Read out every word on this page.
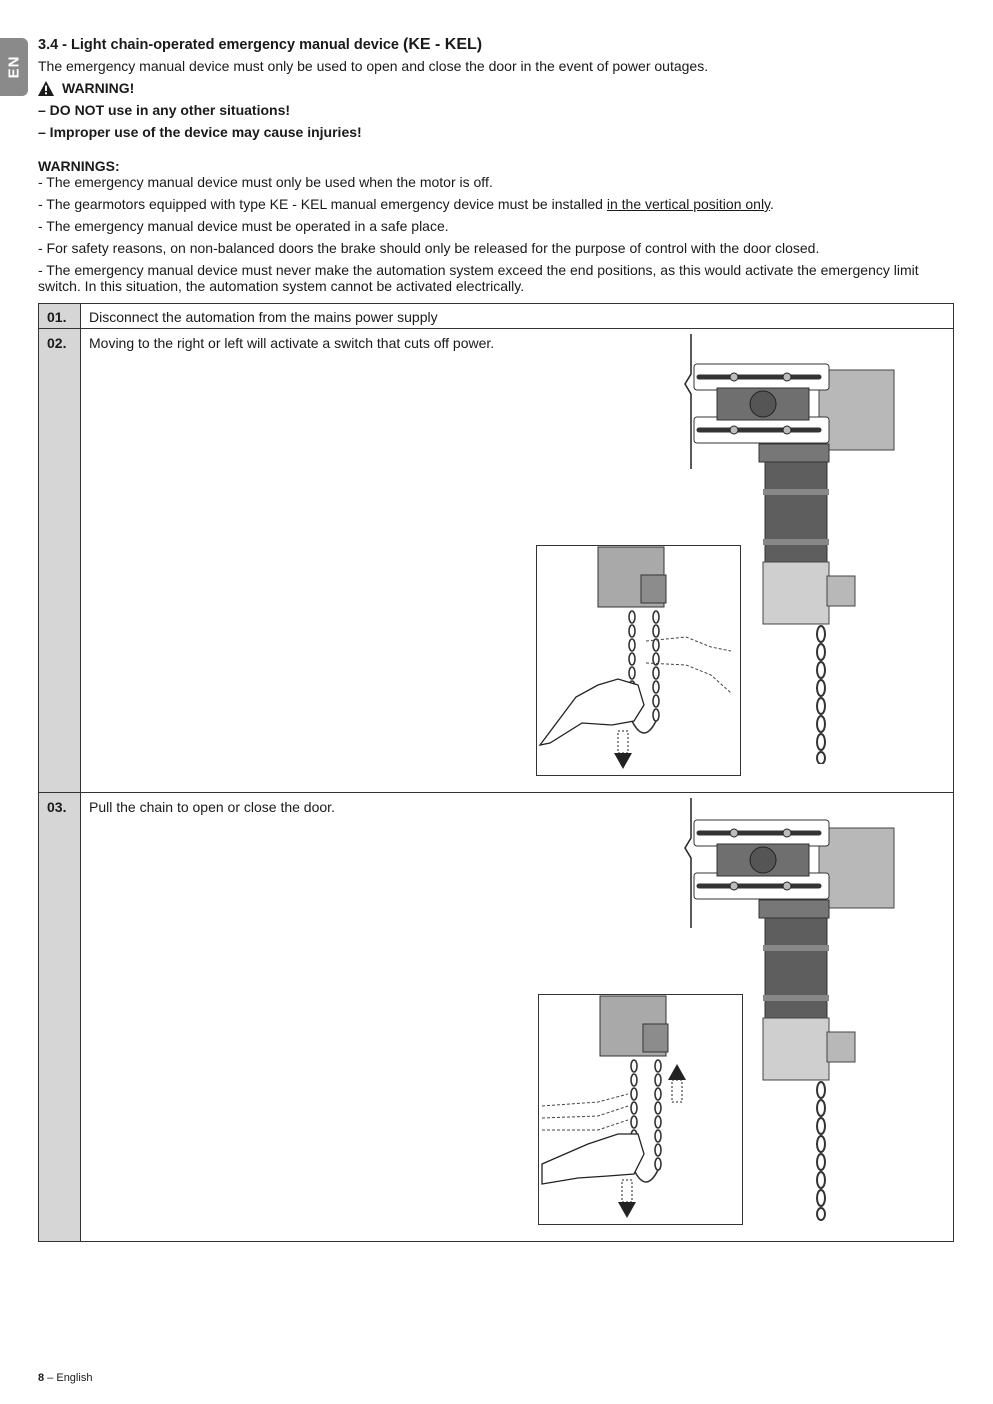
EN
3.4 - Light chain-operated emergency manual device (KE - KEL)

The emergency manual device must only be used to open and close the door in the event of power outages.

WARNING!
– DO NOT use in any other situations!
– Improper use of the device may cause injuries!
WARNINGS:
- The emergency manual device must only be used when the motor is off.
- The gearmotors equipped with type KE - KEL manual emergency device must be installed in the vertical position only.
- The emergency manual device must be operated in a safe place.
- For safety reasons, on non-balanced doors the brake should only be released for the purpose of control with the door closed.
- The emergency manual device must never make the automation system exceed the end positions, as this would activate the emergency limit switch. In this situation, the automation system cannot be activated electrically.
01. Disconnect the automation from the mains power supply
02. Moving to the right or left will activate a switch that cuts off power.
03. Pull the chain to open or close the door.
8 – English
